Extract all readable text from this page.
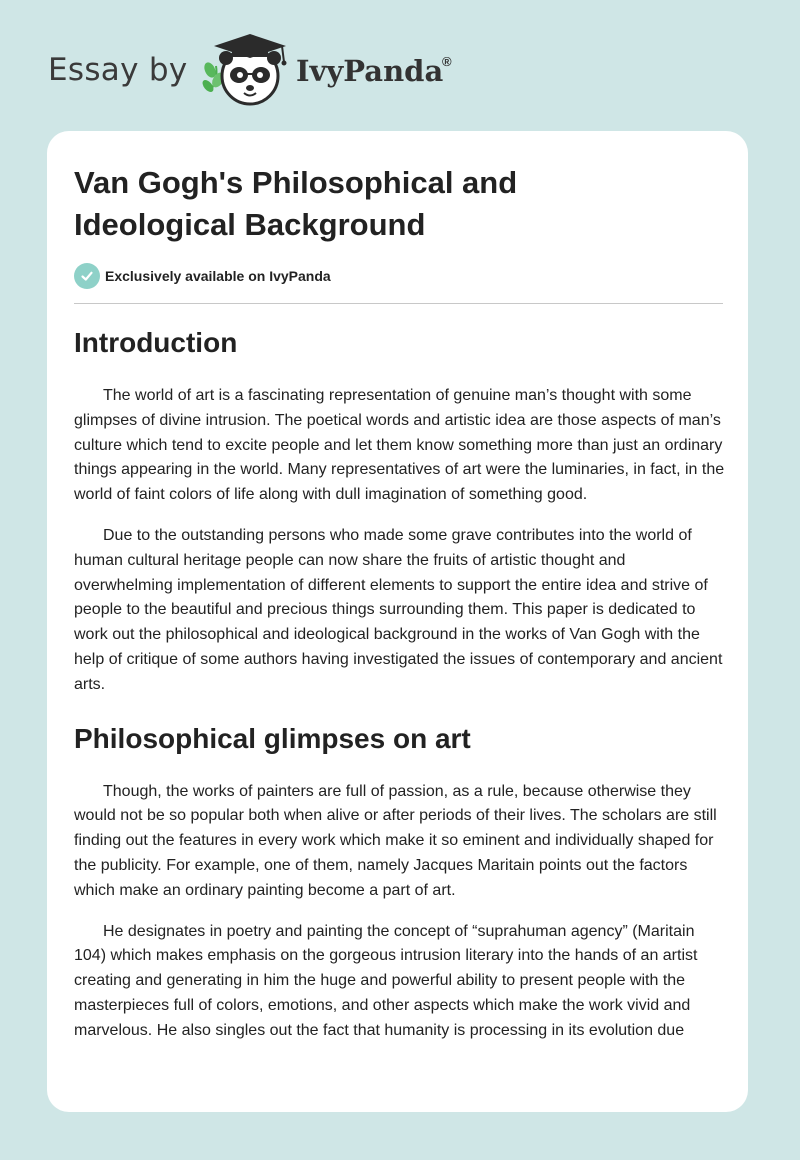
Essay by	IvyPanda
®
Van Gogh's Philosophical and Ideological Background
Exclusively available on IvyPanda
Introduction

The world of art is a fascinating representation of genuine man’s thought with some glimpses of divine intrusion. The poetical words and artistic idea are those aspects of man’s culture which tend to excite people and let them know something more than just an ordinary things appearing in the world. Many representatives of art were the luminaries, in fact, in the world of faint colors of life along with dull imagination of something good.

Due to the outstanding persons who made some grave contributes into the world of human cultural heritage people can now share the fruits of artistic thought and overwhelming implementation of different elements to support the entire idea and strive of people to the beautiful and precious things surrounding them. This paper is dedicated to work out the philosophical and ideological background in the works of Van Gogh with the help of critique of some authors having investigated the issues of contemporary and ancient arts.

Philosophical glimpses on art

Though, the works of painters are full of passion, as a rule, because otherwise they would not be so popular both when alive or after periods of their lives. The scholars are still finding out the features in every work which make it so eminent and individually shaped for the publicity. For example, one of them, namely Jacques Maritain points out the factors which make an ordinary painting become a part of art.

He designates in poetry and painting the concept of “suprahuman agency” (Maritain 104) which makes emphasis on the gorgeous intrusion literary into the hands of an artist creating and generating in him the huge and powerful ability to present people with the masterpieces full of colors, emotions, and other aspects which make the work vivid and marvelous. He also singles out the fact that humanity is processing in its evolution due
